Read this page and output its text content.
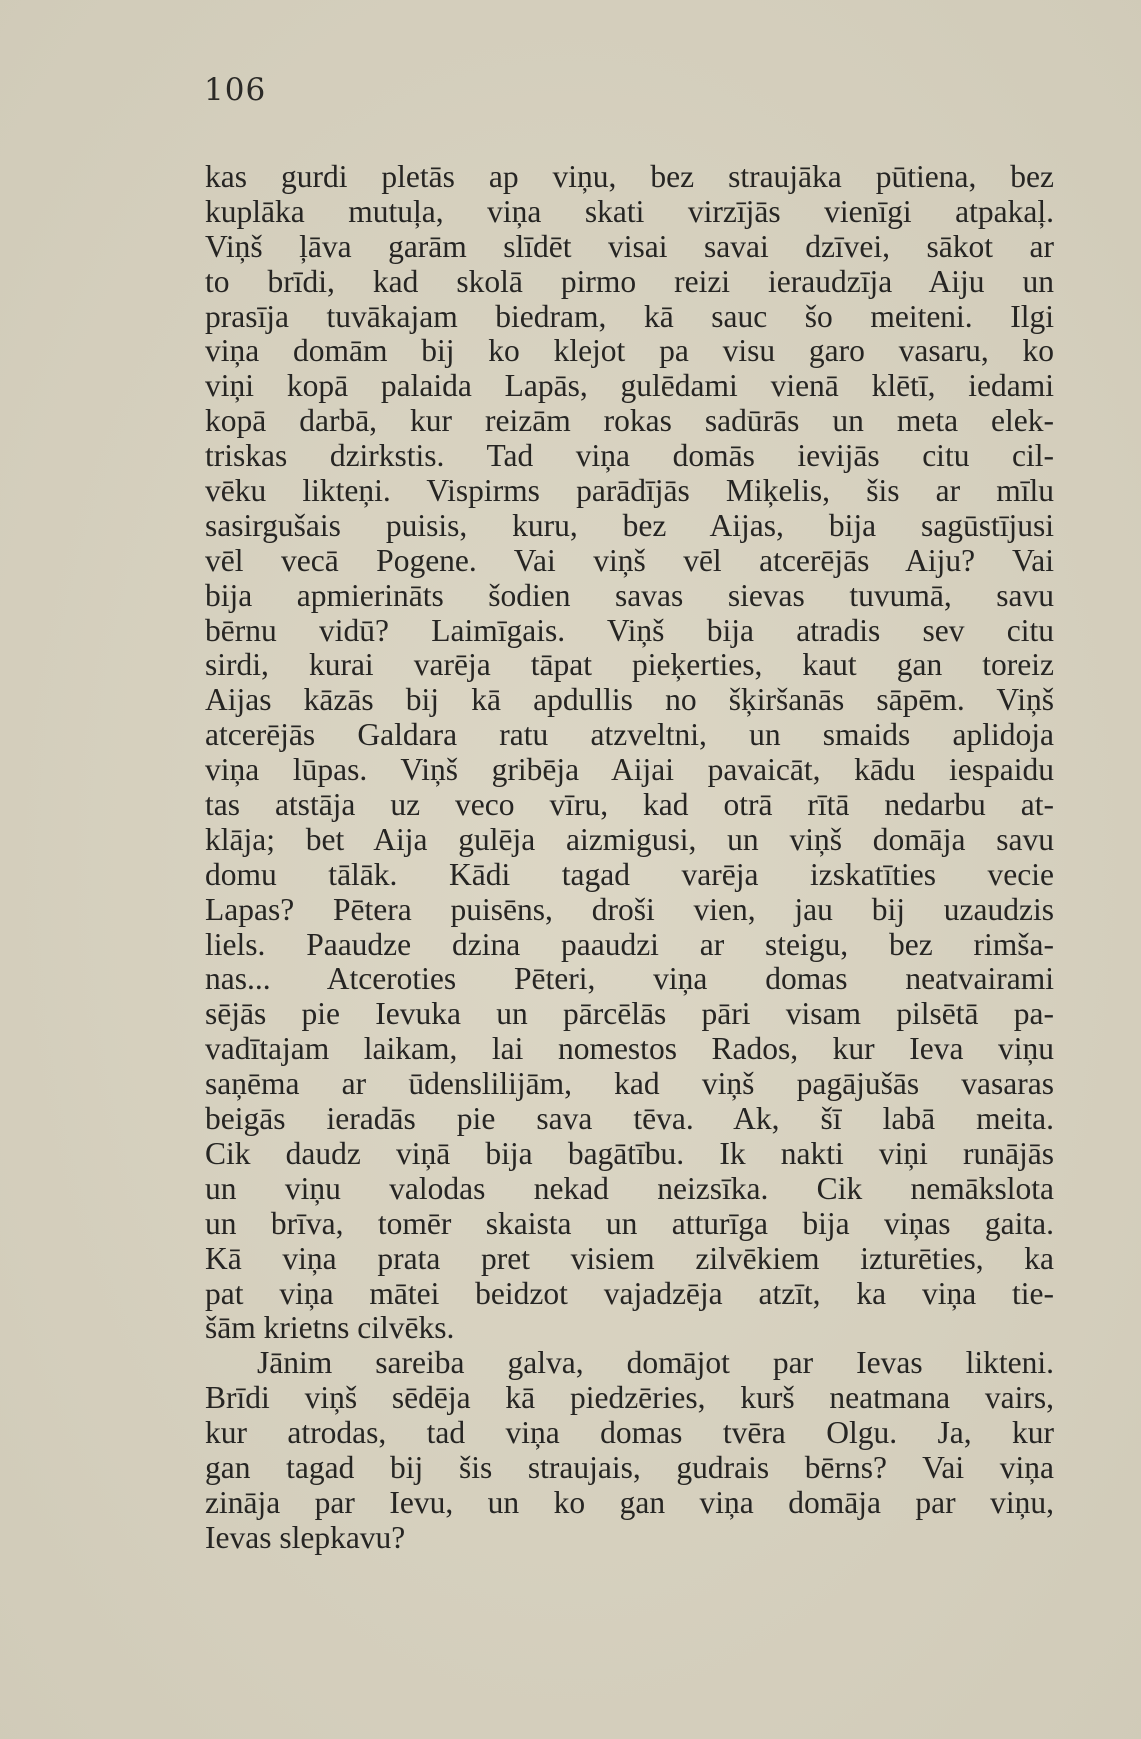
106
kas gurdi pletās ap viņu, bez straujāka pūtiena, bez
kuplāka mutuļa, viņa skati virzījās vienīgi atpakaļ.
Viņš ļāva garām slīdēt visai savai dzīvei, sākot ar
to brīdi, kad skolā pirmo reizi ieraudzīja Aiju un
prasīja tuvākajam biedram, kā sauc šo meiteni. Ilgi
viņa domām bij ko klejot pa visu garo vasaru, ko
viņi kopā palaida Lapās, gulēdami vienā klētī, iedami
kopā darbā, kur reizām rokas sadūrās un meta elek-
triskas dzirkstis. Tad viņa domās ievijās citu cil-
vēku likteņi. Vispirms parādījās Miķelis, šis ar mīlu
sasirgušais puisis, kuru, bez Aijas, bija sagūstījusi
vēl vecā Pogene. Vai viņš vēl atcerējās Aiju? Vai
bija apmierināts šodien savas sievas tuvumā, savu
bērnu vidū? Laimīgais. Viņš bija atradis sev citu
sirdi, kurai varēja tāpat pieķerties, kaut gan toreiz
Aijas kāzās bij kā apdullis no šķiršanās sāpēm. Viņš
atcerējās Galdara ratu atzveltni, un smaids aplidoja
viņa lūpas. Viņš gribēja Aijai pavaicāt, kādu iespaidu
tas atstāja uz veco vīru, kad otrā rītā nedarbu at-
klāja; bet Aija gulēja aizmigusi, un viņš domāja savu
domu tālāk. Kādi tagad varēja izskatīties vecie
Lapas? Pētera puisēns, droši vien, jau bij uzaudzis
liels. Paaudze dzina paaudzi ar steigu, bez rimša-
nas... Atceroties Pēteri, viņa domas neatvairami
sējās pie Ievuka un pārcēlās pāri visam pilsētā pa-
vadītajam laikam, lai nomestos Rados, kur Ieva viņu
saņēma ar ūdenslilijām, kad viņš pagājušās vasaras
beigās ieradās pie sava tēva. Ak, šī labā meita.
Cik daudz viņā bija bagātību. Ik nakti viņi runājās
un viņu valodas nekad neizsīka. Cik nemākslota
un brīva, tomēr skaista un atturīga bija viņas gaita.
Kā viņa prata pret visiem zilvēkiem izturēties, ka
pat viņa mātei beidzot vajadzēja atzīt, ka viņa tie-
šām krietns cilvēks.
Jānim sareiba galva, domājot par Ievas likteni.
Brīdi viņš sēdēja kā piedzēries, kurš neatmana vairs,
kur atrodas, tad viņa domas tvēra Olgu. Ja, kur
gan tagad bij šis straujais, gudrais bērns? Vai viņa
zināja par Ievu, un ko gan viņa domāja par viņu,
Ievas slepkavu?
